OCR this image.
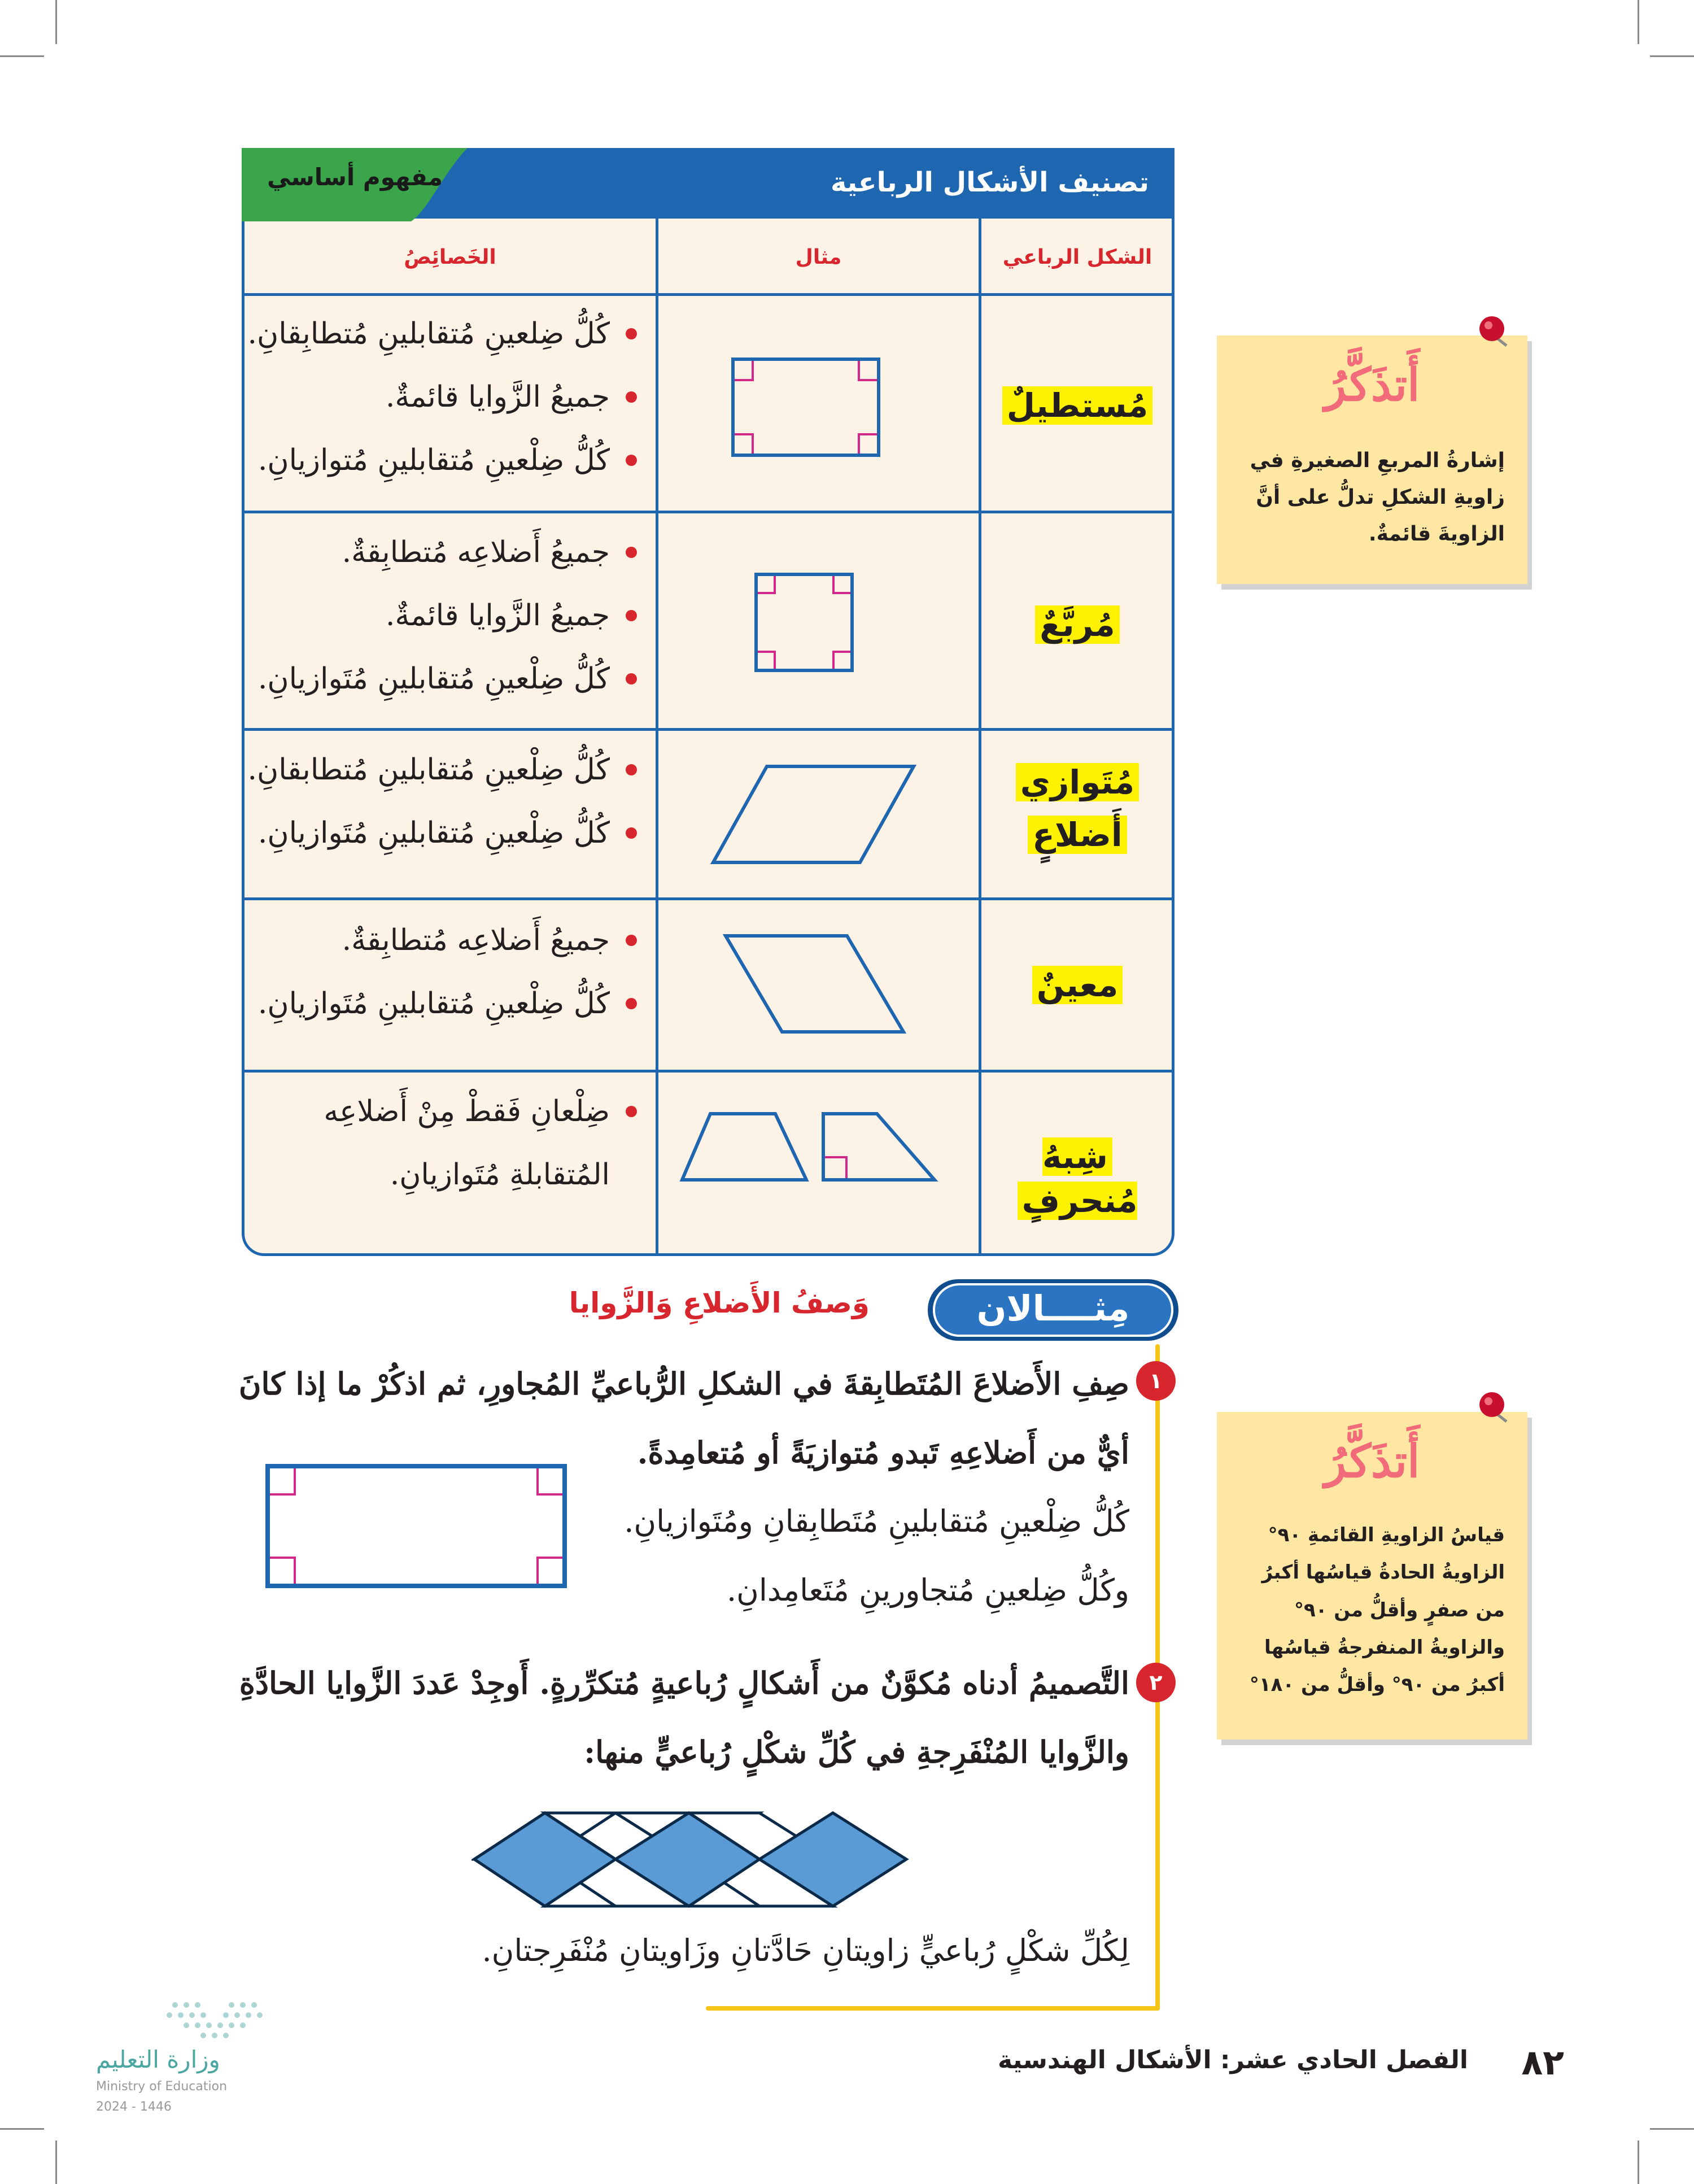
تصنيف الأشكال الرباعية
مفهوم أساسي
الشكل الرباعي
مثال
الخَصائِصُ
مُستطيلٌ
كُلُّ ضِلعينِ مُتقابلينِ مُتطابِقانِ.
جميعُ الزَّوايا قائمةٌ.
كُلُّ ضِلْعينِ مُتقابلينِ مُتوازيانِ.
مُربَّعٌ
جميعُ أَضلاعِه مُتطابِقةٌ.
جميعُ الزَّوايا قائمةٌ.
كُلُّ ضِلْعينِ مُتقابلينِ مُتَوازيانِ.
مُتَوازي
أَضلاعٍ
كُلُّ ضِلْعينِ مُتقابلينِ مُتطابقانِ.
كُلُّ ضِلْعينِ مُتقابلينِ مُتَوازيانِ.
معينٌ
جميعُ أَضلاعِه مُتطابِقةٌ.
كُلُّ ضِلْعينِ مُتقابلينِ مُتَوازيانِ.
شِبهُ مُنحرفٍ
ضِلْعانِ فَقطْ مِنْ أَضلاعِه
المُتقابلةِ مُتَوازيانِ.
أَتذَكَّرُ
إشارةُ المربعِ الصغيرةِ في
زاويةِ الشكلِ تدلُّ على أنَّ
الزاويةَ قائمةٌ.
أَتذَكَّرُ
قياسُ الزاويةِ القائمةِ ٩٠°
الزاويةُ الحادةُ قياسُها أكبرُ
من صفرٍ وأقلُّ من ٩٠°
والزاويةُ المنفرجةُ قياسُها
أكبرُ من ٩٠° وأقلُّ من ١٨٠°
مِثــــالان
وَصفُ الأَضلاعِ وَالزَّوايا
١
صِفِ الأَضلاعَ المُتَطابِقةَ في الشكلِ الرُّباعيِّ المُجاورِ، ثم اذكُرْ ما إذا كانَ
أيٌّ من أَضلاعِهِ تَبدو مُتوازيَةً أو مُتعامِدةً.
كُلُّ ضِلْعينِ مُتقابلينِ مُتَطابِقانِ ومُتَوازيانِ.
وكُلُّ ضِلعينِ مُتجاورينِ مُتَعامِدانِ.
٢
التَّصميمُ أدناه مُكوَّنٌ من أَشكالٍ رُباعيةٍ مُتكرِّرةٍ. أَوجِدْ عَددَ الزَّوايا الحادَّةِ
والزَّوايا المُنْفَرِجةِ في كُلِّ شكْلٍ رُباعيٍّ منها:
لِكُلِّ شكْلٍ رُباعيٍّ زاويتانِ حَادَّتانِ وزَاويتانِ مُنْفَرِجتانِ.
٨٢
الفصل الحادي عشر: الأشكال الهندسية
وزارة التعليم
Ministry of Education
2024 - 1446
